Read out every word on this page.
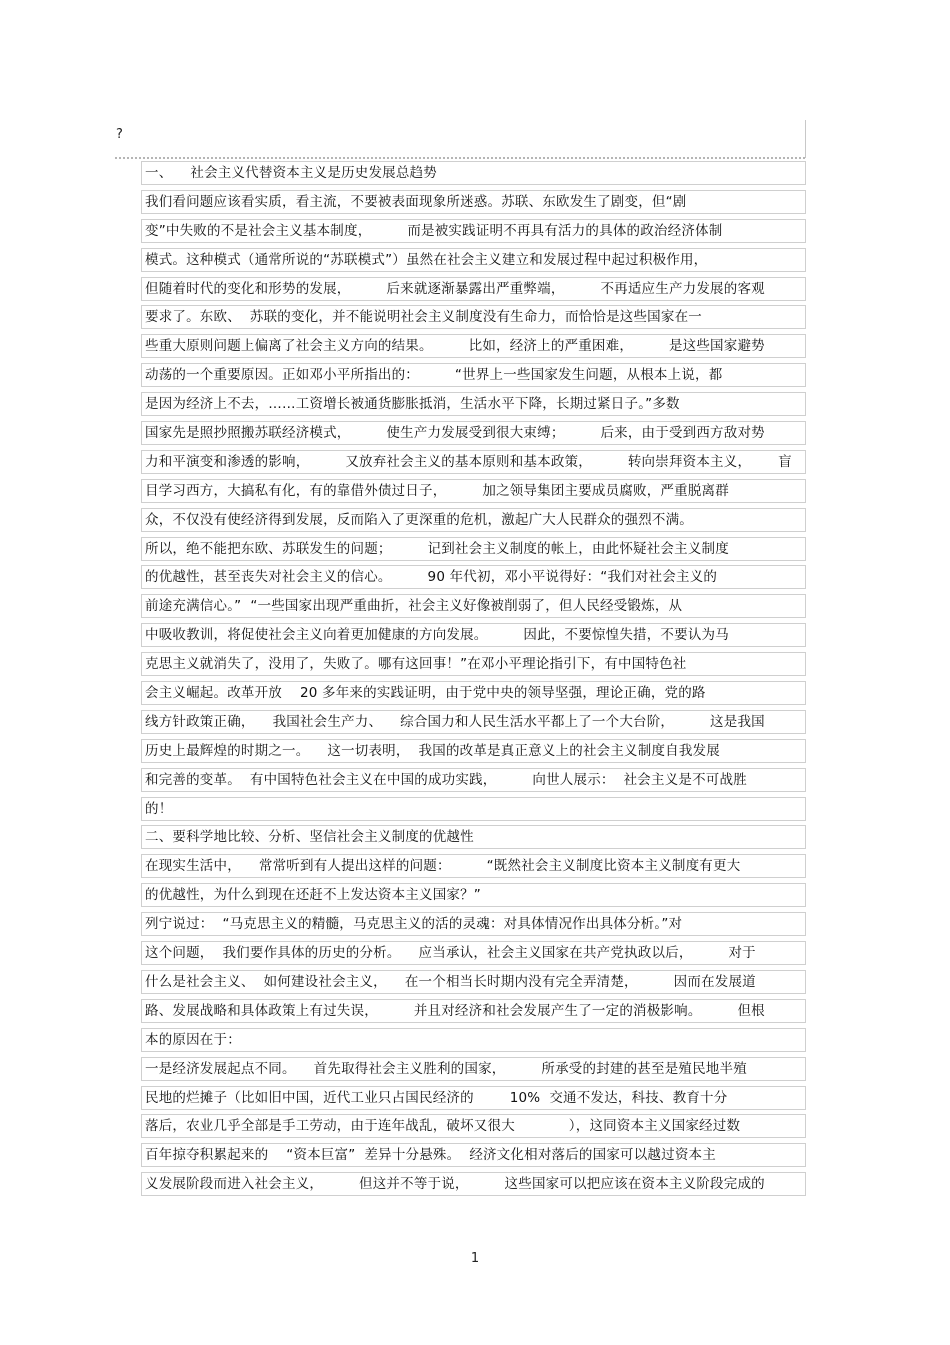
?
一、    社会主义代替资本主义是历史发展总趋势
我们看问题应该看实质，看主流，不要被表面现象所迷惑。苏联、东欧发生了剧变，但“剧
变”中失败的不是社会主义基本制度，        而是被实践证明不再具有活力的具体的政治经济体制
模式。这种模式（通常所说的“苏联模式”）虽然在社会主义建立和发展过程中起过积极作用，
但随着时代的变化和形势的发展，        后来就逐渐暴露出严重弊端，        不再适应生产力发展的客观
要求了。东欧、  苏联的变化，并不能说明社会主义制度没有生命力，而恰恰是这些国家在一
些重大原则问题上偏离了社会主义方向的结果。        比如，经济上的严重困难，        是这些国家避势
动荡的一个重要原因。正如邓小平所指出的：        “世界上一些国家发生问题，从根本上说，都
是因为经济上不去，……工资增长被通货膨胀抵消，生活水平下降，长期过紧日子。”多数
国家先是照抄照搬苏联经济模式，        使生产力发展受到很大束缚；        后来，由于受到西方敌对势
力和平演变和渗透的影响，        又放弃社会主义的基本原则和基本政策，        转向崇拜资本主义，      盲
目学习西方，大搞私有化，有的靠借外债过日子，        加之领导集团主要成员腐败，严重脱离群
众，不仅没有使经济得到发展，反而陷入了更深重的危机，激起广大人民群众的强烈不满。
所以，绝不能把东欧、苏联发生的问题；        记到社会主义制度的帐上，由此怀疑社会主义制度
的优越性，甚至丧失对社会主义的信心。        90 年代初，邓小平说得好：“我们对社会主义的
前途充满信心。”  “一些国家出现严重曲折，社会主义好像被削弱了，但人民经受锻炼，从
中吸收教训，将促使社会主义向着更加健康的方向发展。        因此，不要惊惶失措，不要认为马
克思主义就消失了，没用了，失败了。哪有这回事！”在邓小平理论指引下，有中国特色社
会主义崛起。改革开放    20 多年来的实践证明，由于党中央的领导坚强，理论正确，党的路
线方针政策正确，    我国社会生产力、    综合国力和人民生活水平都上了一个大台阶，        这是我国
历史上最辉煌的时期之一。    这一切表明，  我国的改革是真正意义上的社会主义制度自我发展
和完善的变革。  有中国特色社会主义在中国的成功实践，        向世人展示：  社会主义是不可战胜
的！
二、要科学地比较、分析、坚信社会主义制度的优越性
在现实生活中，    常常听到有人提出这样的问题：        “既然社会主义制度比资本主义制度有更大
的优越性，为什么到现在还赶不上发达资本主义国家？”
列宁说过：  “马克思主义的精髓，马克思主义的活的灵魂：对具体情况作出具体分析。”对
这个问题，  我们要作具体的历史的分析。    应当承认，社会主义国家在共产党执政以后，        对于
什么是社会主义、  如何建设社会主义，    在一个相当长时期内没有完全弄清楚，        因而在发展道
路、发展战略和具体政策上有过失误，        并且对经济和社会发展产生了一定的消极影响。        但根
本的原因在于：
一是经济发展起点不同。    首先取得社会主义胜利的国家，        所承受的封建的甚至是殖民地半殖
民地的烂摊子（比如旧中国，近代工业只占国民经济的        10%  交通不发达，科技、教育十分
落后，农业几乎全部是手工劳动，由于连年战乱，破坏又很大            ），这同资本主义国家经过数
百年掠夺积累起来的    “资本巨富”  差异十分悬殊。  经济文化相对落后的国家可以越过资本主
义发展阶段而进入社会主义，        但这并不等于说，        这些国家可以把应该在资本主义阶段完成的
1
